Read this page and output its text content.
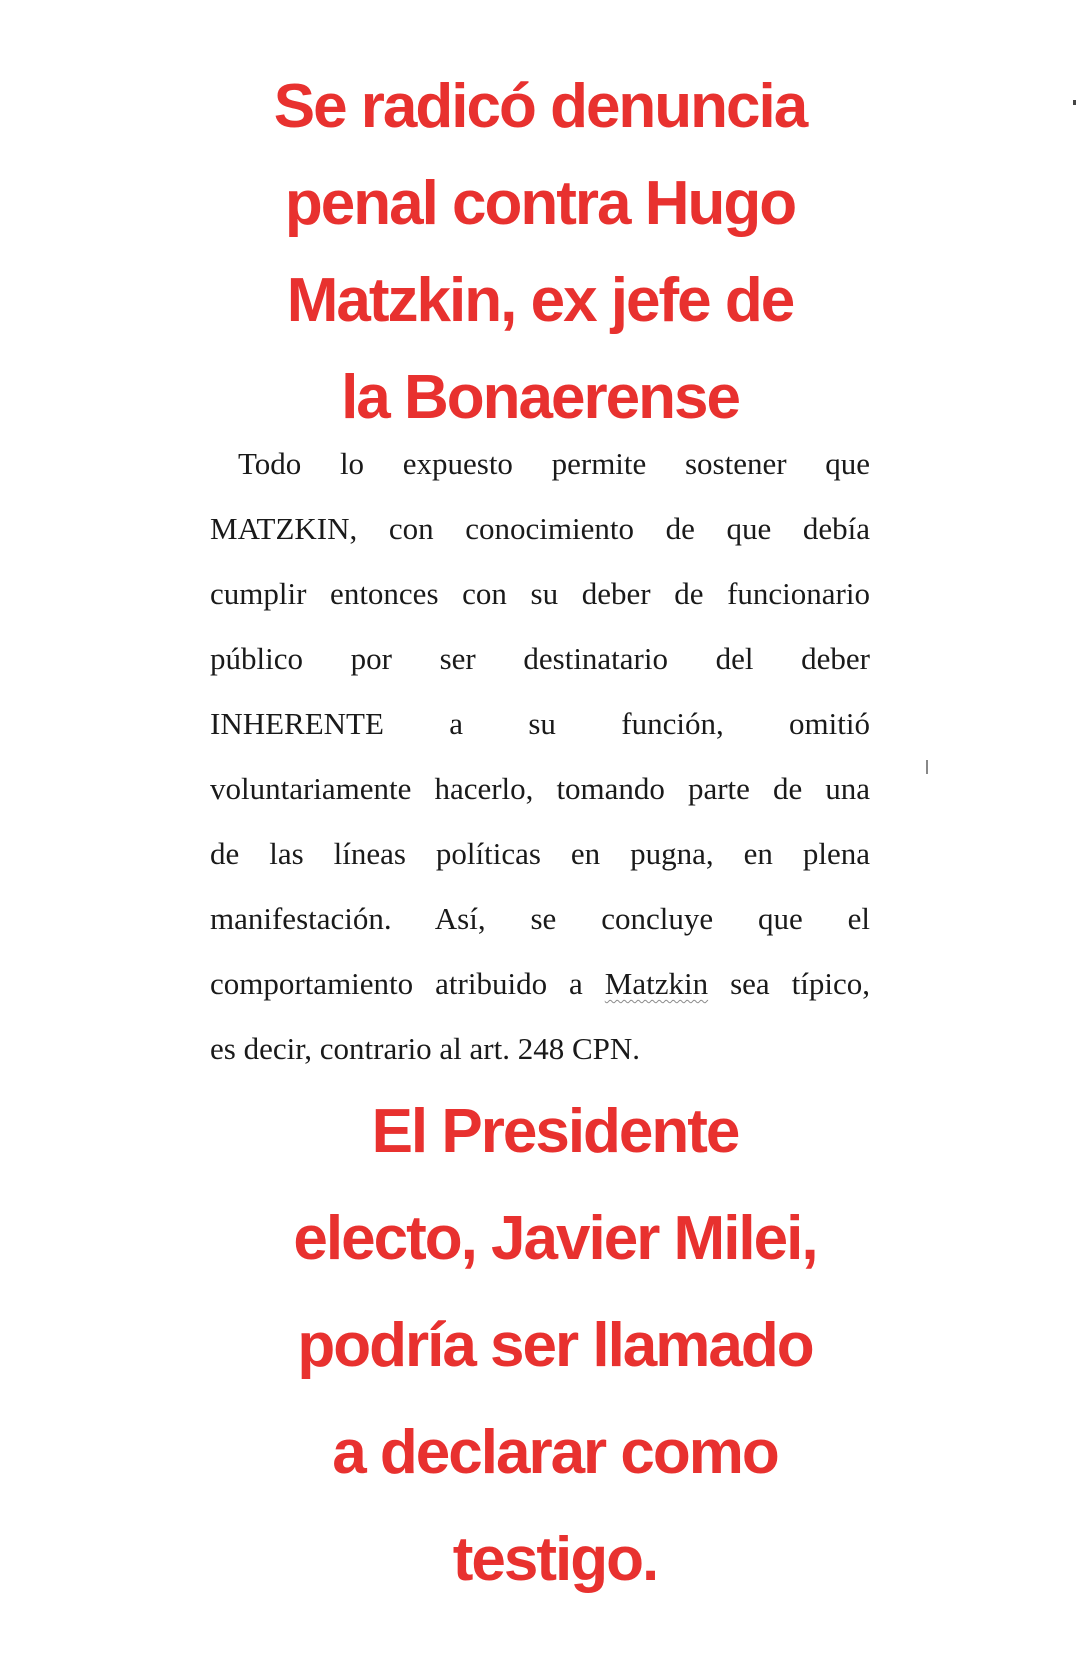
Se radicó denuncia
penal contra Hugo
Matzkin, ex jefe de
la Bonaerense
Todo lo expuesto permite sostener que
MATZKIN, con conocimiento de que debía
cumplir entonces con su deber de funcionario
público por ser destinatario del deber
INHERENTE a su función, omitió
voluntariamente hacerlo, tomando parte de una
de las líneas políticas en pugna, en plena
manifestación. Así, se concluye que el
comportamiento atribuido a Matzkin sea típico,
es decir, contrario al art. 248 CPN.
El Presidente
electo, Javier Milei,
podría ser llamado
a declarar como
testigo.
